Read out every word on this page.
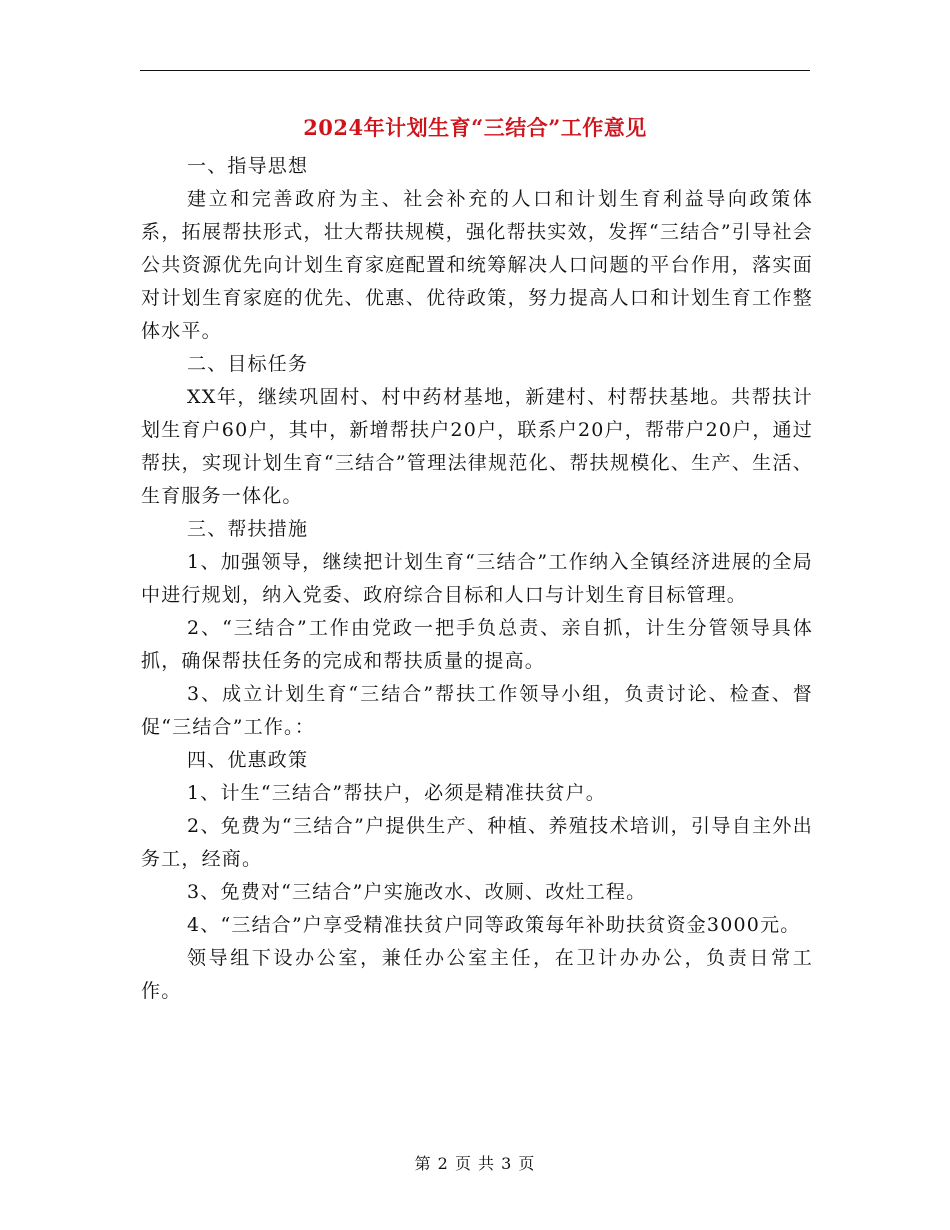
2024年计划生育“三结合”工作意见

一、指导思想

建立和完善政府为主、社会补充的人口和计划生育利益导向政策体系，拓展帮扶形式，壮大帮扶规模，强化帮扶实效，发挥“三结合”引导社会公共资源优先向计划生育家庭配置和统筹解决人口问题的平台作用，落实面对计划生育家庭的优先、优惠、优待政策，努力提高人口和计划生育工作整体水平。

二、目标任务

XX年，继续巩固村、村中药材基地，新建村、村帮扶基地。共帮扶计划生育户60户，其中，新增帮扶户20户，联系户20户，帮带户20户，通过帮扶，实现计划生育“三结合”管理法律规范化、帮扶规模化、生产、生活、生育服务一体化。

三、帮扶措施

1、加强领导，继续把计划生育“三结合”工作纳入全镇经济进展的全局中进行规划，纳入党委、政府综合目标和人口与计划生育目标管理。

2、“三结合”工作由党政一把手负总责、亲自抓，计生分管领导具体抓，确保帮扶任务的完成和帮扶质量的提高。

3、成立计划生育“三结合”帮扶工作领导小组，负责讨论、检查、督促“三结合”工作。：

四、优惠政策

1、计生“三结合”帮扶户，必须是精准扶贫户。

2、免费为“三结合”户提供生产、种植、养殖技术培训，引导自主外出务工，经商。

3、免费对“三结合”户实施改水、改厕、改灶工程。

4、“三结合”户享受精准扶贫户同等政策每年补助扶贫资金3000元。

领导组下设办公室，兼任办公室主任，在卫计办办公，负责日常工作。

第 2 页 共 3 页
